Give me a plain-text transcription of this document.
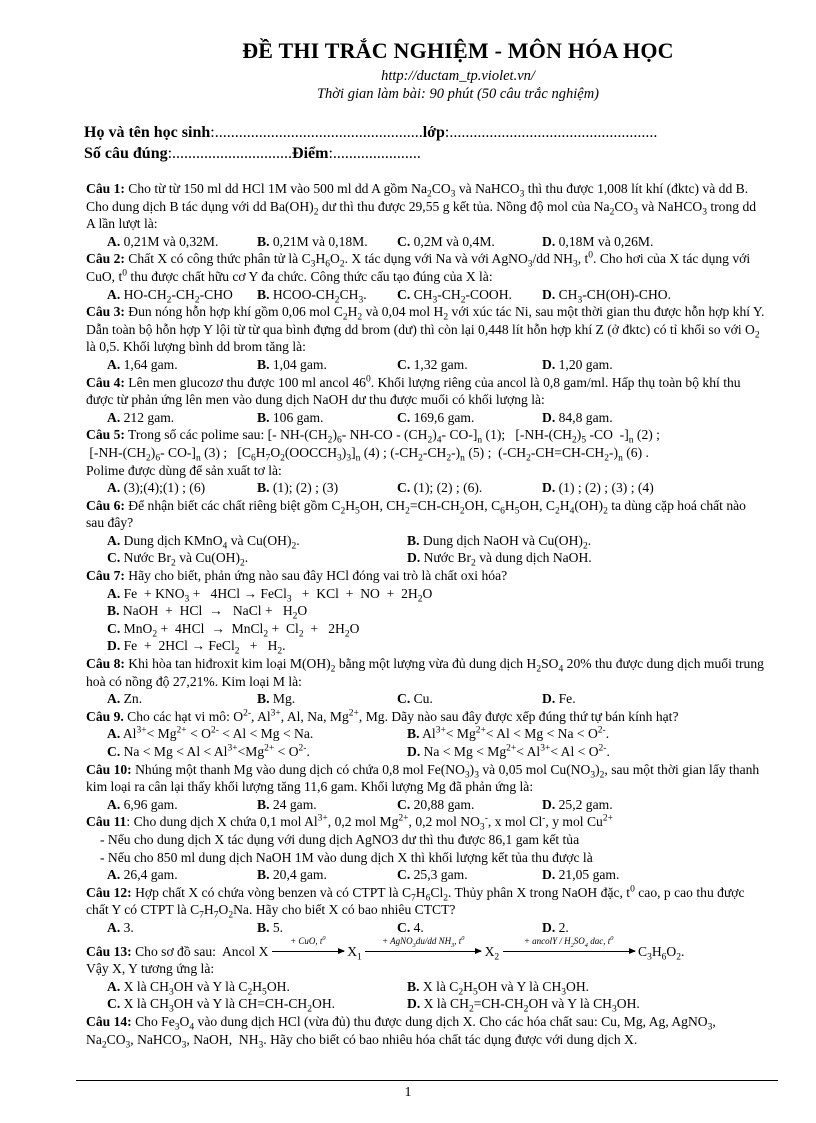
ĐỀ THI TRẮC NGHIỆM - MÔN HÓA HỌC
http://ductam_tp.violet.vn/
Thời gian làm bài: 90 phút (50 câu trắc nghiệm)
Họ và tên học sinh:....................................................lớp:....................................................
Số câu đúng:..............................Điểm:......................

Câu 1: Cho từ từ 150 ml dd HCl 1M vào 500 ml dd A gồm $Na_2CO_3$ và NaHCO$_3$ thì thu được 1,008 lít khí (đktc) và dd B. Cho dung dịch B tác dụng với dd $Ba(OH)_2$ dư thì thu được 29,55 g kết tủa. Nồng độ mol của $Na_2CO_3$ và NaHCO$_3$ trong dd A lần lượt là:

A. 0,21M và 0,32M.	B. 0,21M và 0,18M.	C. 0,2M và 0,4M.	D. 0,18M và 0,26M.

Câu 2: Chất X có công thức phân tử là $C_3H_6O_2$. X tác dụng với Na và với AgNO$_3$/dd $NH_3$, $t^0$. Cho hơi của X tác dụng với CuO, $t^0$ thu được chất hữu cơ Y đa chức. Công thức cấu tạo đúng của X là:

A. $HO-CH_2-CH_2$-CHO	B. HCOO-$CH_2CH_3$.	C. $CH_3-CH_2$-COOH.	D. $CH_3-CH(OH)$-CHO.

Câu 3: Đun nóng hỗn hợp khí gồm 0,06 mol $C_2H_2$ và 0,04 mol $H_2$ với xúc tác Ni, sau một thời gian thu được hỗn hợp khí Y. Dẫn toàn bộ hỗn hợp Y lội từ từ qua bình đựng dd brom (dư) thì còn lại 0,448 lít hỗn hợp khí Z (ở đktc) có tỉ khối so với $O_2$ là 0,5. Khối lượng bình dd brom tăng là:

A. 1,64 gam.	B. 1,04 gam.	C. 1,32 gam.	D. 1,20 gam.

Câu 4: Lên men glucozơ thu được 100 ml ancol $46^0$. Khối lượng riêng của ancol là 0,8 gam/ml. Hấp thụ toàn bộ khí thu được từ phản ứng lên men vào dung dịch NaOH dư thu được muối có khối lượng là:

A. 212 gam.	B. 106 gam.	C. 169,6 gam.	D. 84,8 gam.

Câu 5: Trong số các polime sau: [- $NH-(CH_2)_6-$ $NH-CO - (CH_2)_4-$ $CO-]_n$ (1);   [$-NH-(CH_2)_5$ -CO  $-]_n$ (2) ;
[$-NH-(CH_2)_6-$ $CO-]_n$ (3) ;   $[C_6H_7O_2(OOCCH_3)_3]_n$ (4) ; $(-CH_2-CH_2-)_n$ (5) ;  $(-CH_2-CH=CH-CH_2-)_n$ (6) .
Polime được dùng để sản xuất tơ là:

A. (3);(4);(1) ; (6)	B. (1); (2) ; (3)	C. (1); (2) ; (6).	D. (1) ; (2) ; (3) ; (4)

Câu 6: Để nhận biết các chất riêng biệt gồm $C_2H_5OH$, $CH_2=CH-CH_2OH$, $C_6H_5OH$, $C_2H_4(OH)_2$ ta dùng cặp hoá chất nào sau đây?

A. Dung dịch KMnO$_4$ và $Cu(OH)_2$.	B. Dung dịch NaOH và $Cu(OH)_2$.
C. Nước $Br_2$ và $Cu(OH)_2$.	D. Nước $Br_2$ và dung dịch NaOH.

Câu 7: Hãy cho biết, phản ứng nào sau đây HCl đóng vai trò là chất oxi hóa?

A. $Fe + KNO_3 + 4HCl$ → FeCl$_3$   +  KCl  +  NO  +  $2H_2O$
B. NaOH  +  HCl  →   NaCl +   $H_2O$
C. MnO$_2$ +  4HCl  →  MnCl$_2$ +  $Cl_2 + 2H_2O$
D. Fe  +  2HCl → FeCl$_2$   +   $H_2$.

Câu 8: Khi hòa tan hiđroxit kim loại $M(OH)_2$ bằng một lượng vừa đủ dung dịch $H_2SO_4$ 20% thu được dung dịch muối trung hoà có nồng độ 27,21%. Kim loại M là:

A. Zn.	B. Mg.	C. Cu.	D. Fe.

Câu 9. Cho các hạt vi mô: $O^{2-}$, $Al^{3+}$, Al, Na, $Mg^{2+}$, Mg. Dãy nào sau đây được xếp đúng thứ tự bán kính hạt?

A. $Al^{3+}< Mg^{2+} < O^{2-} < Al < Mg < Na$.	B. $Al^{3+}< Mg^{2+}< Al < Mg < Na < O^{2-}$.
C. $Na < Mg < Al < Al^{3+}<Mg^{2+} < O^{2-}$.	D. $Na < Mg < Mg^{2+}< Al^{3+}< Al < O^{2-}$.

Câu 10: Nhúng một thanh Mg vào dung dịch có chứa 0,8 mol $Fe(NO_3)_3$ và 0,05 mol $Cu(NO_3)_2$, sau một thời gian lấy thanh kim loại ra cân lại thấy khối lượng tăng 11,6 gam. Khối lượng Mg đã phản ứng là:

A. 6,96 gam.	B. 24 gam.	C. 20,88 gam.	D. 25,2 gam.

Câu 11: Cho dung dịch X chứa 0,1 mol $Al^{3+}$, 0,2 mol $Mg^{2+}$, 0,2 mol $NO_3^-$, x mol Cl-, y mol $Cu^{2+}$

- Nếu cho dung dịch X tác dụng với dung dịch AgNO3 dư thì thu được 86,1 gam kết tủa

- Nếu cho 850 ml dung dịch NaOH 1M vào dung dịch X thì khối lượng kết tủa thu được là

A. 26,4 gam.	B. 20,4 gam.	C. 25,3 gam.	D. 21,05 gam.

Câu 12: Hợp chất X có chứa vòng benzen và có CTPT là $C_7H_6Cl_2$. Thủy phân X trong NaOH đặc, $t^0$ cao, p cao thu được chất Y có CTPT là $C_7H_7O_2Na$. Hãy cho biết X có bao nhiêu CTCT?

A. 3.	B. 5.	C. 4.	D. 2.

Câu 13: Cho sơ đồ sau:  Ancol X
+ CuO, $t^0$
$X_1$
+ AgNO$_3$du/dd $NH_3$, $t^0$
$X_2$
+ ancolY / $H_2SO_4$ dac, $t^0$
$C_3H_6O_2$.
Vậy X, Y tương ứng là:

A. X là $CH_3OH$ và Y là $C_2H_5OH$.	B. X là $C_2H_5OH$ và Y là $CH_3OH$.
C. X là $CH_3OH$ và Y là $CH=CH-CH_2OH$.	D. X là $CH_2=CH-CH_2OH$ và Y là $CH_3OH$.

Câu 14: Cho $Fe_3O_4$ vào dung dịch HCl (vừa đủ) thu được dung dịch X. Cho các hóa chất sau: Cu, Mg, Ag, AgNO$_3$, $Na_2CO_3$, NaHCO$_3$, NaOH,  $NH_3$. Hãy cho biết có bao nhiêu hóa chất tác dụng được với dung dịch X.

1
